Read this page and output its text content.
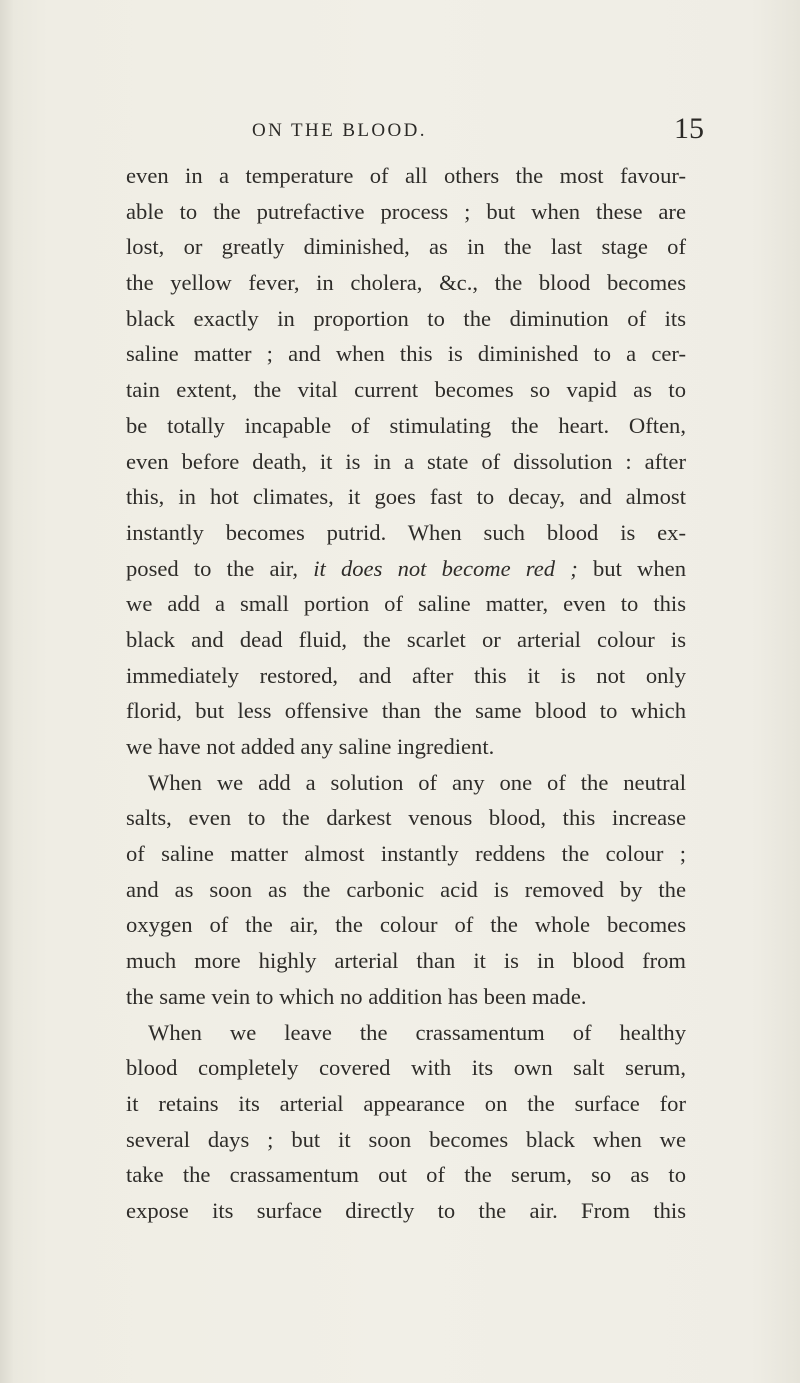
ON THE BLOOD.	15
even in a temperature of all others the most favour-
able to the putrefactive process ; but when these are
lost, or greatly diminished, as in the last stage of
the yellow fever, in cholera, &c., the blood becomes
black exactly in proportion to the diminution of its
saline matter ; and when this is diminished to a cer-
tain extent, the vital current becomes so vapid as to
be totally incapable of stimulating the heart. Often,
even before death, it is in a state of dissolution : after
this, in hot climates, it goes fast to decay, and almost
instantly becomes putrid. When such blood is ex-
posed to the air, it does not become red ; but when
we add a small portion of saline matter, even to this
black and dead fluid, the scarlet or arterial colour is
immediately restored, and after this it is not only
florid, but less offensive than the same blood to which
we have not added any saline ingredient.
When we add a solution of any one of the neutral
salts, even to the darkest venous blood, this increase
of saline matter almost instantly reddens the colour ;
and as soon as the carbonic acid is removed by the
oxygen of the air, the colour of the whole becomes
much more highly arterial than it is in blood from
the same vein to which no addition has been made.
When we leave the crassamentum of healthy
blood completely covered with its own salt serum,
it retains its arterial appearance on the surface for
several days ; but it soon becomes black when we
take the crassamentum out of the serum, so as to
expose its surface directly to the air. From this
